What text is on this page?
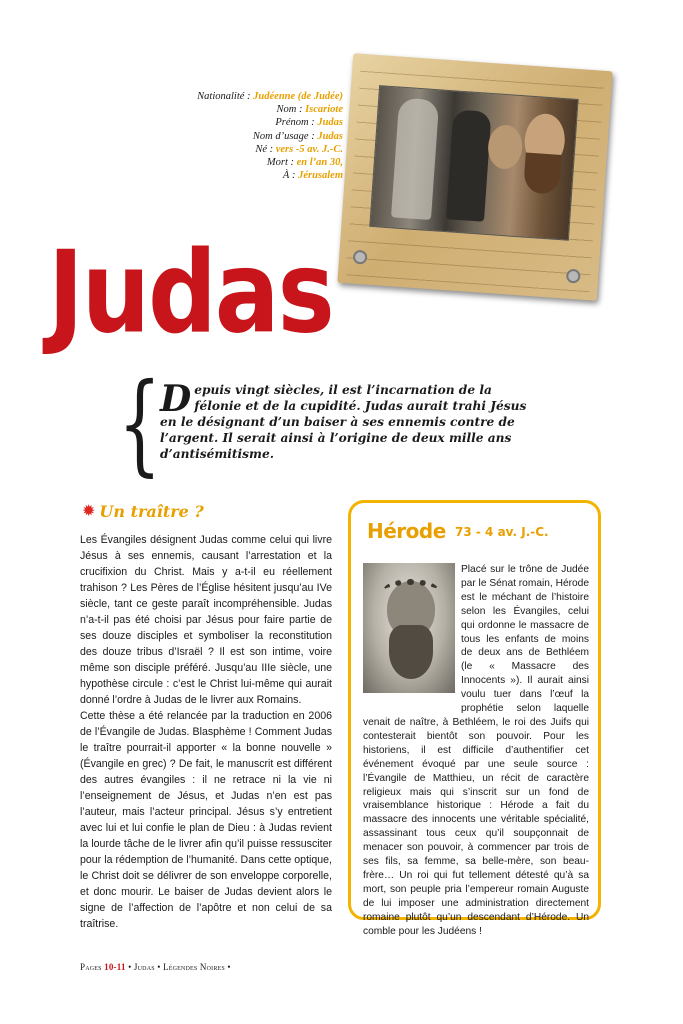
Nationalité : Judéenne (de Judée)
Nom : Iscariote
Prénom : Judas
Nom d’usage : Judas
Né : vers -5 av. J.-C.
Mort : en l’an 30,
À : Jérusalem
Judas
{
Depuis vingt siècles, il est l’incarnation de la félonie et de la cupidité. Judas aurait trahi Jésus en le désignant d’un baiser à ses ennemis contre de l’argent. Il serait ainsi à l’origine de deux mille ans d’antisémitisme.
✹ Un traître ?

Les Évangiles désignent Judas comme celui qui livre Jésus à ses ennemis, causant l’arrestation et la crucifixion du Christ. Mais y a-t-il eu réellement trahison ? Les Pères de l’Église hésitent jusqu’au IVe siècle, tant ce geste paraît incompréhensible. Judas n’a-t-il pas été choisi par Jésus pour faire partie de ses douze disciples et symboliser la reconstitution des douze tribus d’Israël ? Il est son intime, voire même son disciple préféré. Jusqu’au IIIe siècle, une hypothèse circule : c’est le Christ lui-même qui aurait donné l’ordre à Judas de le livrer aux Romains.

Cette thèse a été relancée par la traduction en 2006 de l’Évangile de Judas. Blasphème ! Comment Judas le traître pourrait-il apporter « la bonne nouvelle » (Évangile en grec) ? De fait, le manuscrit est différent des autres évangiles : il ne retrace ni la vie ni l’enseignement de Jésus, et Judas n’en est pas l’auteur, mais l’acteur principal. Jésus s’y entretient avec lui et lui confie le plan de Dieu : à Judas revient la lourde tâche de le livrer afin qu’il puisse ressusciter pour la rédemption de l’humanité. Dans cette optique, le Christ doit se délivrer de son enveloppe corporelle, et donc mourir. Le baiser de Judas devient alors le signe de l’affection de l’apôtre et non celui de sa traîtrise.

Hérode 73 - 4 av. J.-C.

Placé sur le trône de Judée par le Sénat romain, Hérode est le méchant de l’histoire selon les Évangiles, celui qui ordonne le massacre de tous les enfants de moins de deux ans de Bethléem (le « Massacre des Innocents »). Il aurait ainsi voulu tuer dans l’œuf la prophétie selon laquelle venait de naître, à Bethléem, le roi des Juifs qui contesterait bientôt son pouvoir. Pour les historiens, il est difficile d’authentifier cet événement évoqué par une seule source : l’Évangile de Matthieu, un récit de caractère religieux mais qui s’inscrit sur un fond de vraisemblance historique : Hérode a fait du massacre des innocents une véritable spécialité, assassinant tous ceux qu’il soupçonnait de menacer son pouvoir, à commencer par trois de ses fils, sa femme, sa belle-mère, son beau-frère… Un roi qui fut tellement détesté qu’à sa mort, son peuple pria l’empereur romain Auguste de lui imposer une administration directement romaine plutôt qu’un descendant d’Hérode. Un comble pour les Judéens !

Pages 10-11 • Judas • Légendes Noires •
